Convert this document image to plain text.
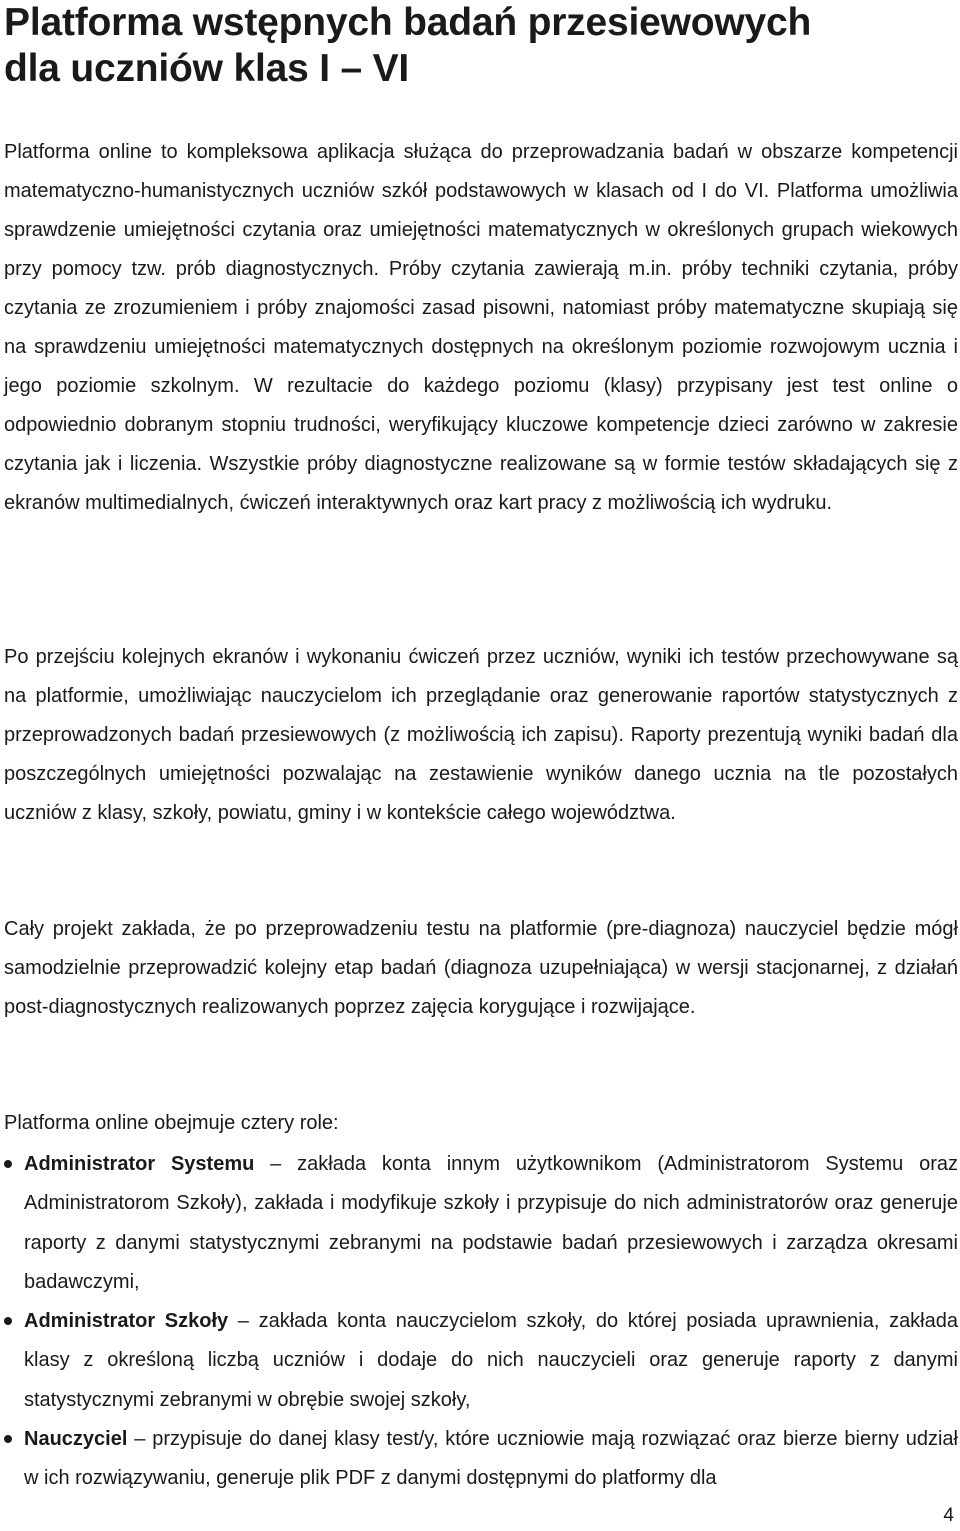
Platforma wstępnych badań przesiewowych
dla uczniów klas I – VI

Platforma online to kompleksowa aplikacja służąca do przeprowadzania badań w obszarze kompetencji matematyczno-humanistycznych uczniów szkół podstawowych w klasach od I do VI. Platforma umożliwia sprawdzenie umiejętności czytania oraz umiejętności matematycznych w określonych grupach wiekowych przy pomocy tzw. prób diagnostycznych. Próby czytania zawierają m.in. próby techniki czytania, próby czytania ze zrozumieniem i próby znajomości zasad pisowni, natomiast próby matematyczne skupiają się na sprawdzeniu umiejętności matematycznych dostępnych na określonym poziomie rozwojowym ucznia i jego poziomie szkolnym. W rezultacie do każdego poziomu (klasy) przypisany jest test online o odpowiednio dobranym stopniu trudności, weryfikujący kluczowe kompetencje dzieci zarówno w zakresie czytania jak i liczenia. Wszystkie próby diagnostyczne realizowane są w formie testów składających się z ekranów multimedialnych, ćwiczeń interaktywnych oraz kart pracy z możliwością ich wydruku.

Po przejściu kolejnych ekranów i wykonaniu ćwiczeń przez uczniów, wyniki ich testów przechowywane są na platformie, umożliwiając nauczycielom ich przeglądanie oraz generowanie raportów statystycznych z przeprowadzonych badań przesiewowych (z możliwością ich zapisu). Raporty prezentują wyniki badań dla poszczególnych umiejętności pozwalając na zestawienie wyników danego ucznia na tle pozostałych uczniów z klasy, szkoły, powiatu, gminy i w kontekście całego województwa.

Cały projekt zakłada, że po przeprowadzeniu testu na platformie (pre-diagnoza) nauczyciel będzie mógł samodzielnie przeprowadzić kolejny etap badań (diagnoza uzupełniająca) w wersji stacjonarnej, z działań post-diagnostycznych realizowanych poprzez zajęcia korygujące i rozwijające.

Platforma online obejmuje cztery role:

Administrator Systemu – zakłada konta innym użytkownikom (Administratorom Systemu oraz Administratorom Szkoły), zakłada i modyfikuje szkoły i przypisuje do nich administratorów oraz generuje raporty z danymi statystycznymi zebranymi na podstawie badań przesiewowych i zarządza okresami badawczymi,
Administrator Szkoły – zakłada konta nauczycielom szkoły, do której posiada uprawnienia, zakłada klasy z określoną liczbą uczniów i dodaje do nich nauczycieli oraz generuje raporty z danymi statystycznymi zebranymi w obrębie swojej szkoły,
Nauczyciel – przypisuje do danej klasy test/y, które uczniowie mają rozwiązać oraz bierze bierny udział w ich rozwiązywaniu, generuje plik PDF z danymi dostępnymi do platformy dla
4
